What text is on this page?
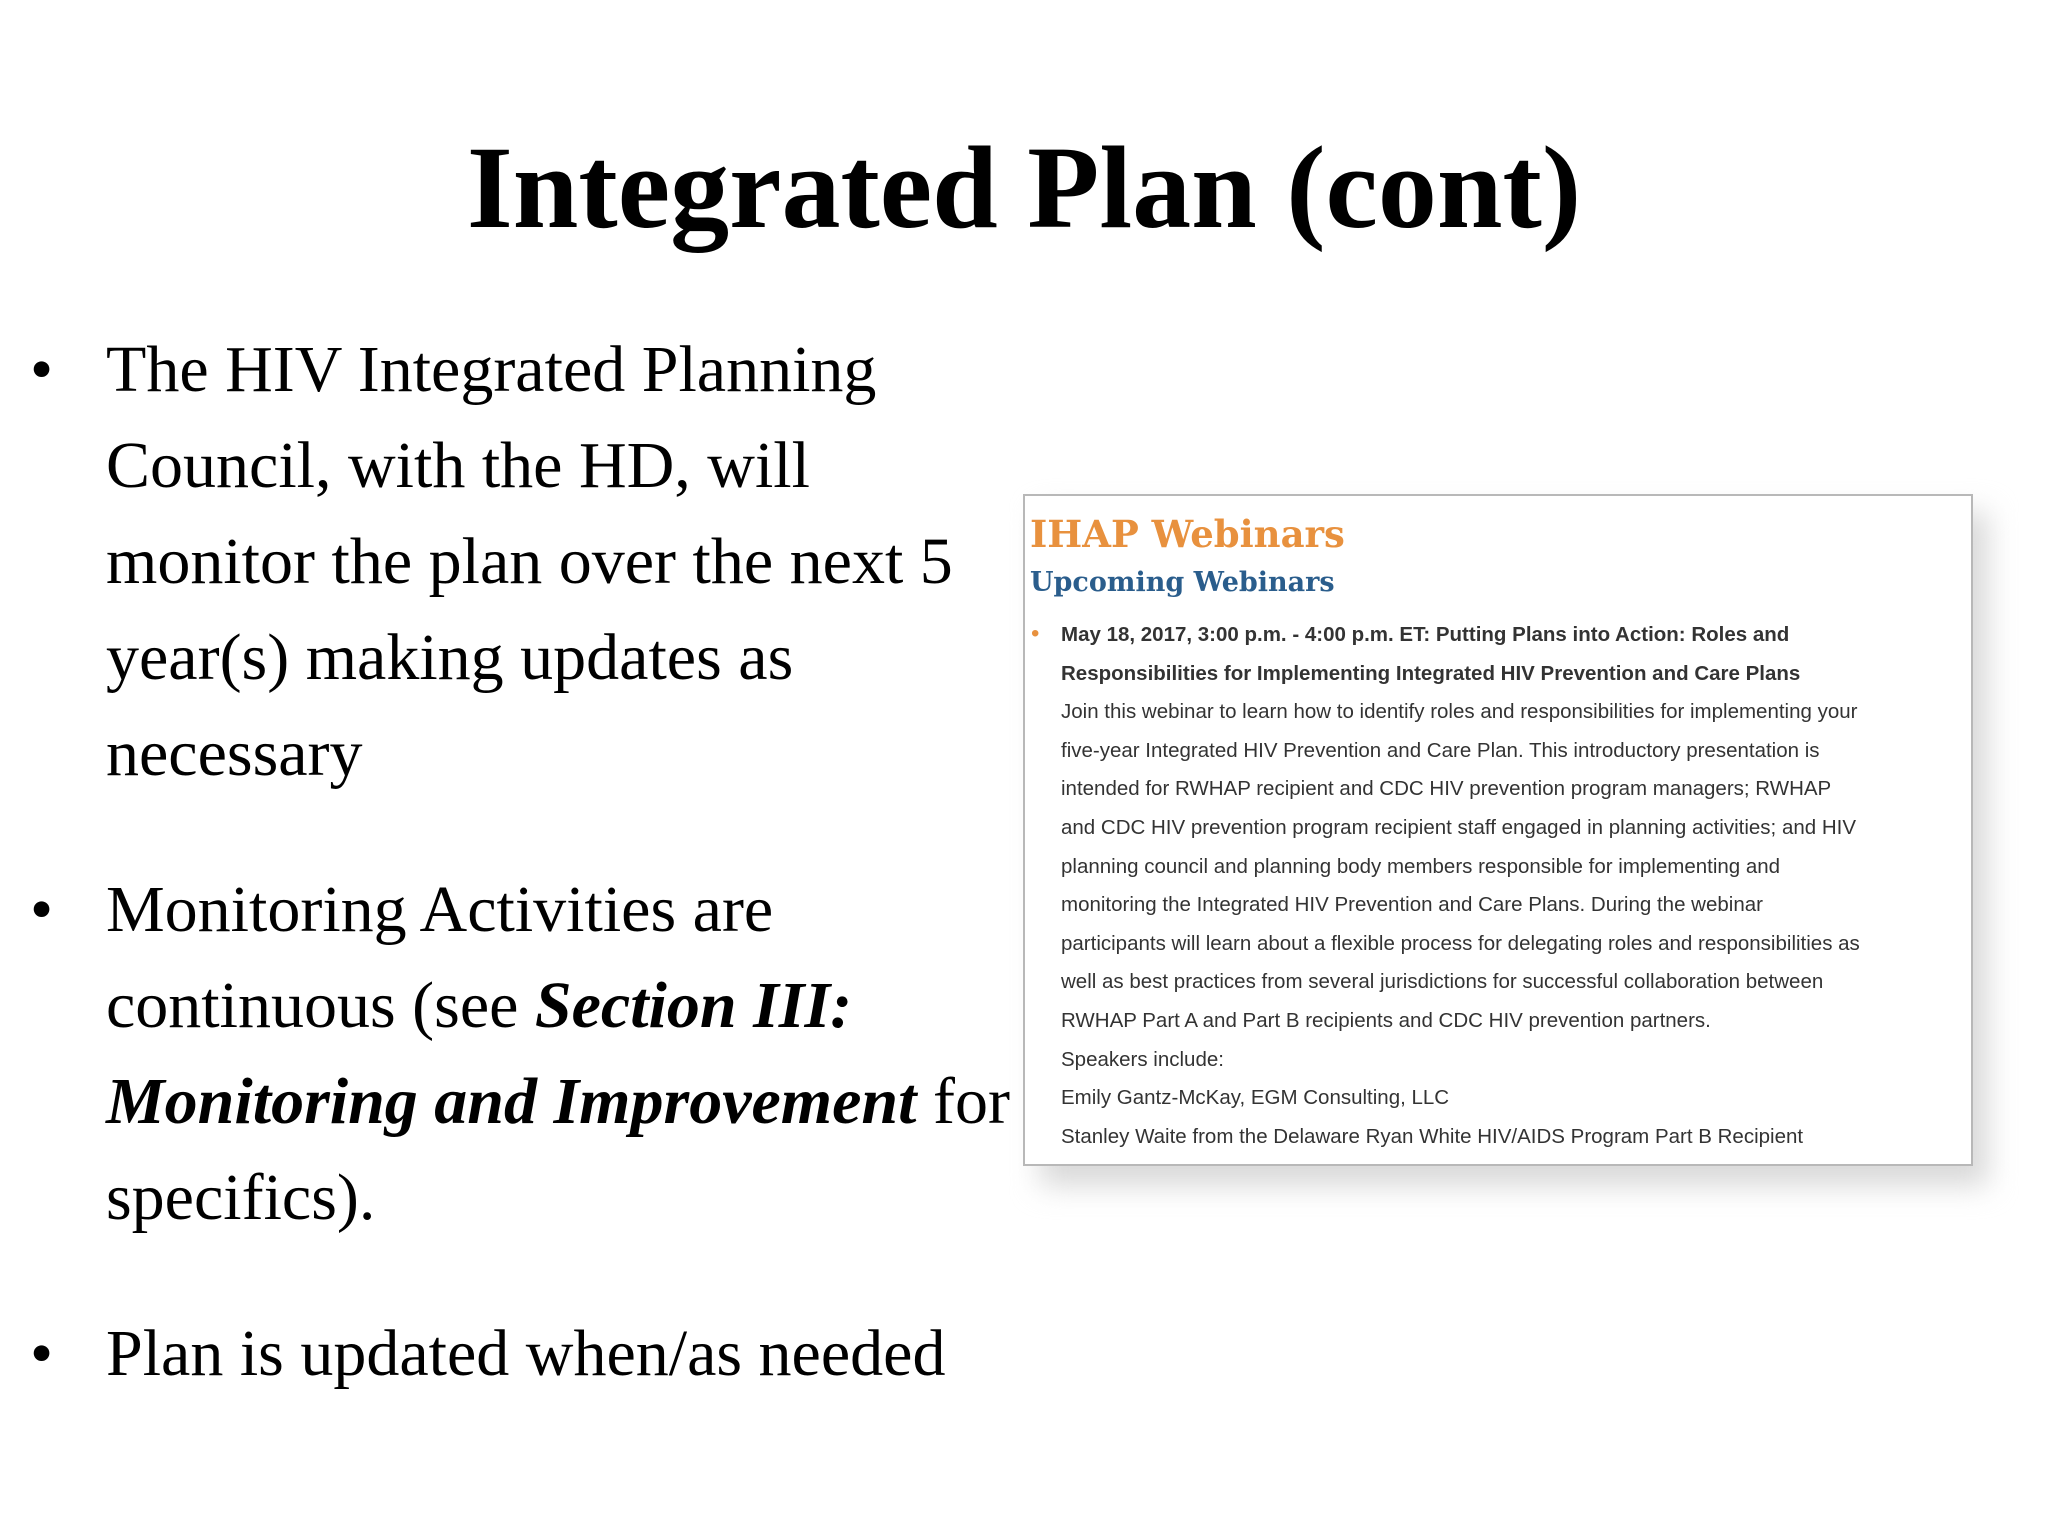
Integrated Plan (cont)
• The HIV Integrated Planning Council, with the HD, will monitor the plan over the next 5 year(s) making updates as necessary
• Monitoring Activities are continuous (see Section III: Monitoring and Improvement for specifics).
• Plan is updated when/as needed
IHAP Webinars
Upcoming Webinars
• May 18, 2017, 3:00 p.m. - 4:00 p.m. ET: Putting Plans into Action: Roles and
Responsibilities for Implementing Integrated HIV Prevention and Care Plans
Join this webinar to learn how to identify roles and responsibilities for implementing your
five-year Integrated HIV Prevention and Care Plan. This introductory presentation is
intended for RWHAP recipient and CDC HIV prevention program managers; RWHAP
and CDC HIV prevention program recipient staff engaged in planning activities; and HIV
planning council and planning body members responsible for implementing and
monitoring the Integrated HIV Prevention and Care Plans. During the webinar
participants will learn about a flexible process for delegating roles and responsibilities as
well as best practices from several jurisdictions for successful collaboration between
RWHAP Part A and Part B recipients and CDC HIV prevention partners.
Speakers include:
Emily Gantz-McKay, EGM Consulting, LLC
Stanley Waite from the Delaware Ryan White HIV/AIDS Program Part B Recipient
